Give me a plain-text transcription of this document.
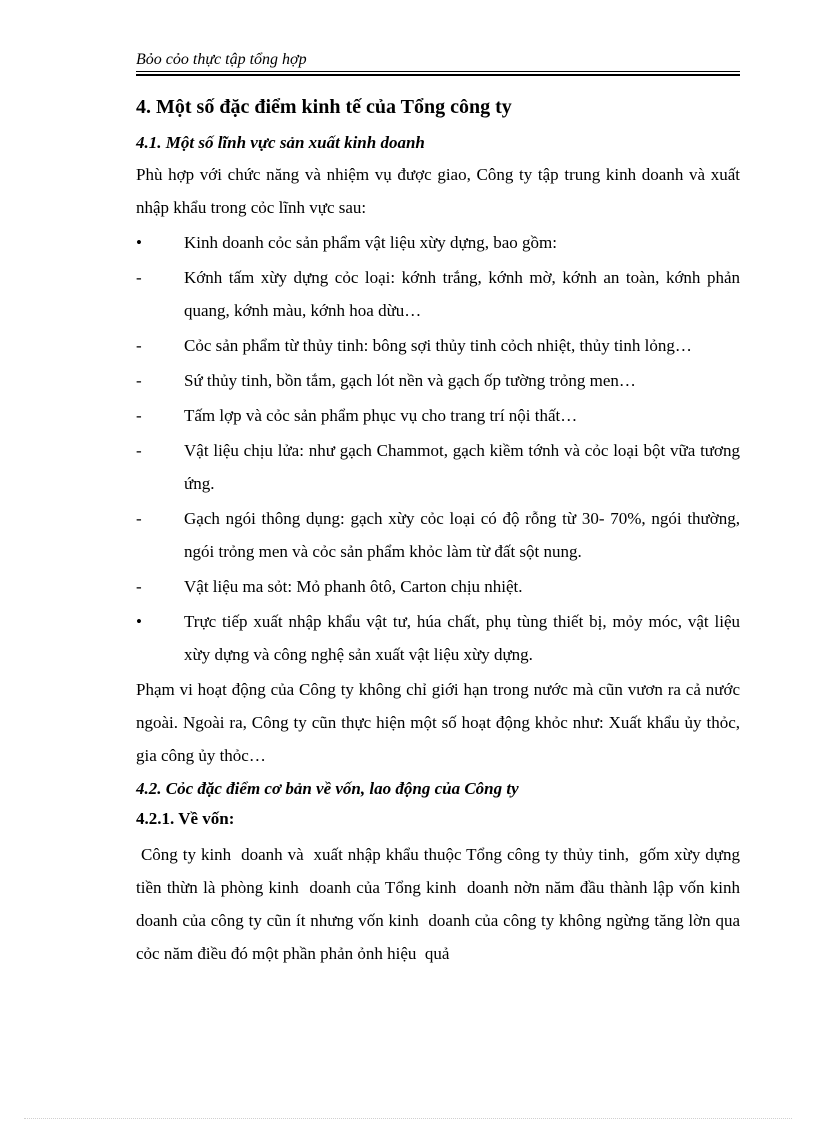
Bỏo cỏo thực tập tổng hợp

4. Một số đặc điểm kinh tế của Tổng công ty

4.1. Một số lĩnh vực sản xuất kinh doanh

Phù hợp với chức năng và nhiệm vụ được giao, Công ty tập trung kinh doanh và xuất nhập khẩu trong cỏc lĩnh vực sau:

•	Kinh doanh cỏc sản phẩm vật liệu xừy dựng, bao gồm:
-	Kớnh tấm xừy dựng cỏc loại: kớnh trắng, kớnh mờ, kớnh an toàn, kớnh phản quang, kớnh màu, kớnh hoa dừu…
-	Cỏc sản phẩm từ thủy tinh: bông sợi thủy tinh cỏch nhiệt, thủy tinh lỏng…
-	Sứ thủy tinh, bồn tắm, gạch lót nền và gạch ốp tường trỏng men…
-	Tấm lợp và cỏc sản phẩm phục vụ cho trang trí nội thất…
-	Vật liệu chịu lửa: như gạch Chammot, gạch kiềm tớnh và cỏc loại bột vữa tương ứng.
-	Gạch ngói thông dụng: gạch xừy cỏc loại có độ rỗng từ 30- 70%, ngói thường, ngói trỏng men và cỏc sản phẩm khỏc làm từ đất sột nung.
-	Vật liệu ma sỏt: Mỏ phanh ôtô, Carton chịu nhiệt.
•	Trực tiếp xuất nhập khẩu vật tư, húa chất, phụ tùng thiết bị, mỏy móc, vật liệu xừy dựng và công nghệ sản xuất vật liệu xừy dựng.

Phạm vi hoạt động của Công ty không chỉ giới hạn trong nước mà cũn vươn ra cả nước ngoài. Ngoài ra, Công ty cũn thực hiện một số hoạt động khỏc như: Xuất khẩu ủy thỏc, gia công ủy thỏc…

4.2. Cỏc đặc điểm cơ bản về vốn, lao động của Công ty

4.2.1. Về vốn:

Công ty kinh  doanh và  xuất nhập khẩu thuộc Tổng công ty thủy tinh,  gốm xừy dựng tiền thừn là phòng kinh  doanh của Tổng kinh  doanh nờn năm đầu thành lập vốn kinh doanh của công ty cũn ít nhưng vốn kinh  doanh của công ty không ngừng tăng lờn qua cỏc năm điều đó một phần phản ỏnh hiệu  quả
